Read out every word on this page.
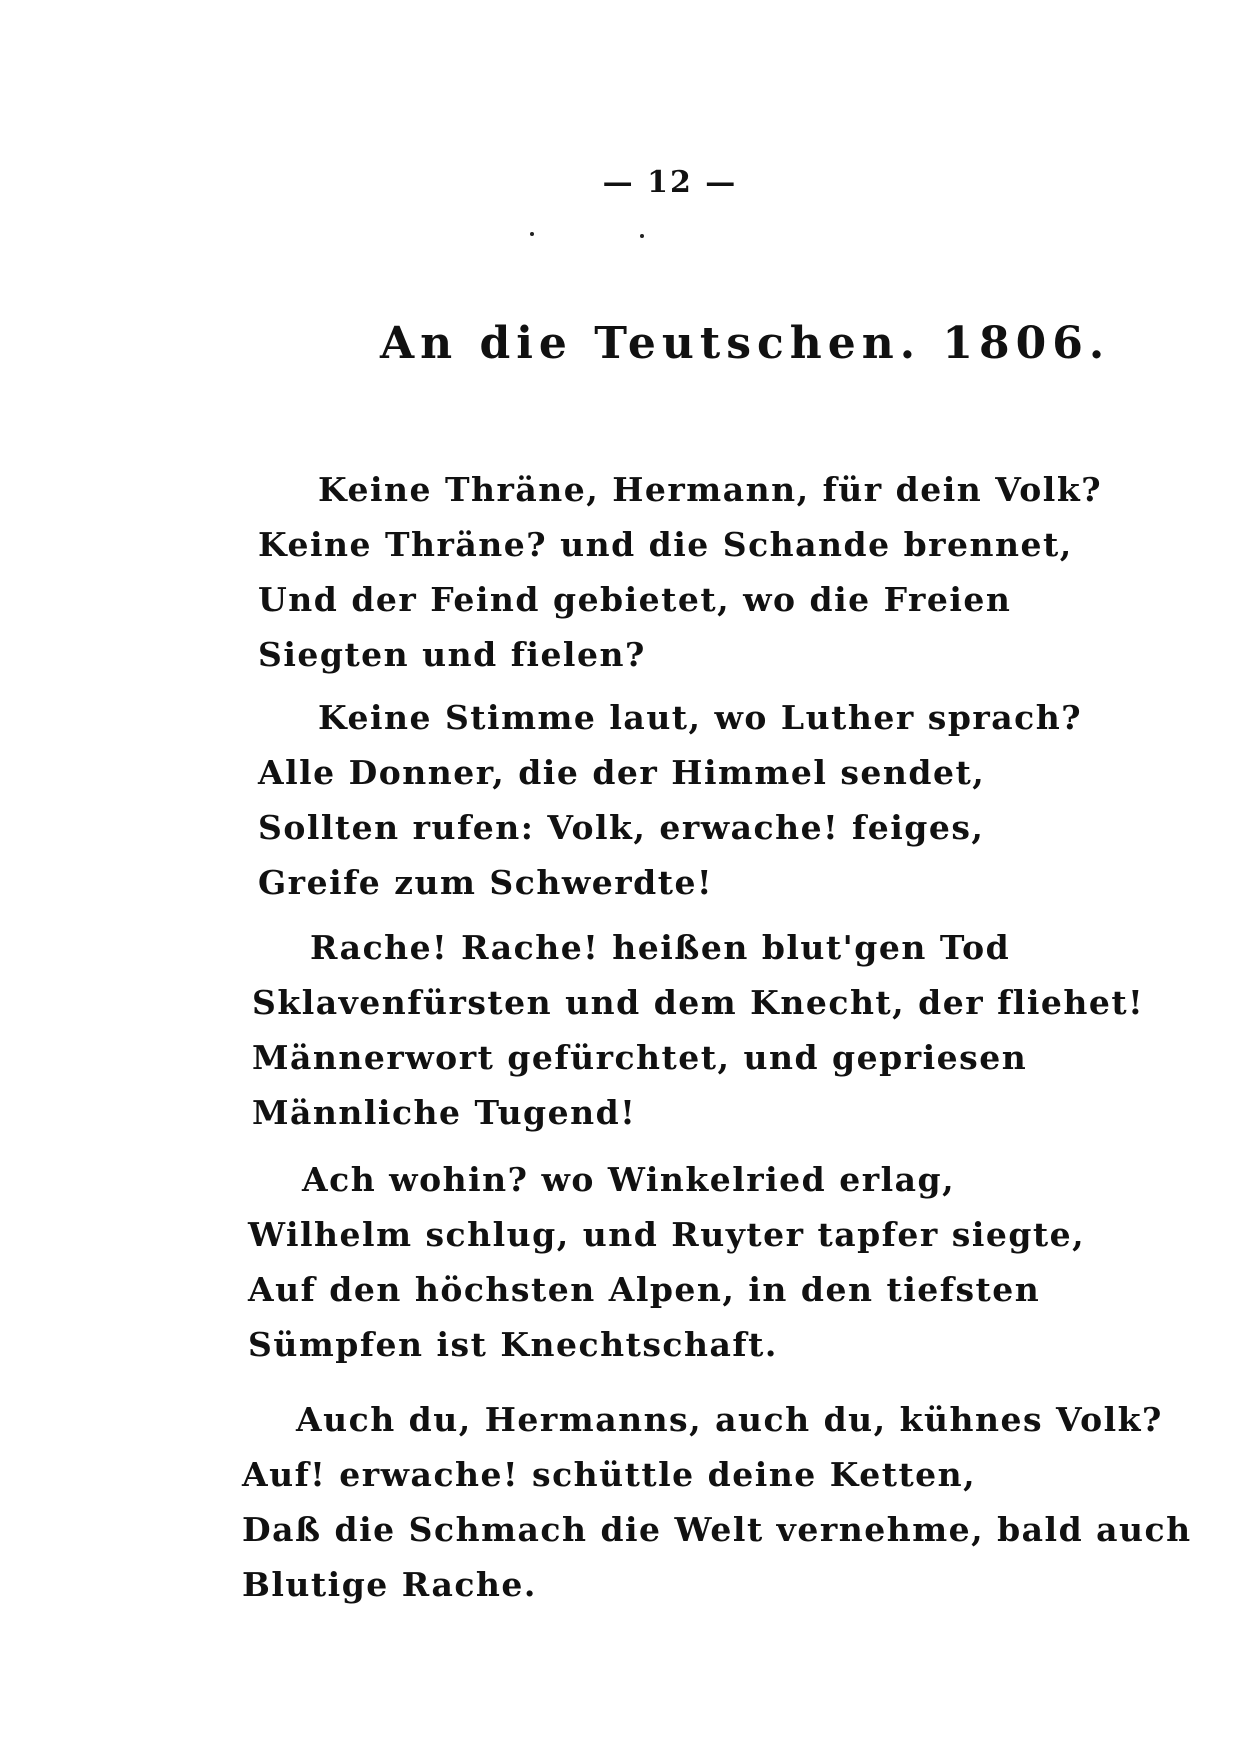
— 12 —
An die Teutschen. 1806.
Keine Thräne, Hermann, für dein Volk?
Keine Thräne? und die Schande brennet,
Und der Feind gebietet, wo die Freien
Siegten und fielen?
Keine Stimme laut, wo Luther sprach?
Alle Donner, die der Himmel sendet,
Sollten rufen: Volk, erwache! feiges,
Greife zum Schwerdte!
Rache! Rache! heißen blut'gen Tod
Sklavenfürsten und dem Knecht, der fliehet!
Männerwort gefürchtet, und gepriesen
Männliche Tugend!
Ach wohin? wo Winkelried erlag,
Wilhelm schlug, und Ruyter tapfer siegte,
Auf den höchsten Alpen, in den tiefsten
Sümpfen ist Knechtschaft.
Auch du, Hermanns, auch du, kühnes Volk?
Auf! erwache! schüttle deine Ketten,
Daß die Schmach die Welt vernehme, bald auch
Blutige Rache.
